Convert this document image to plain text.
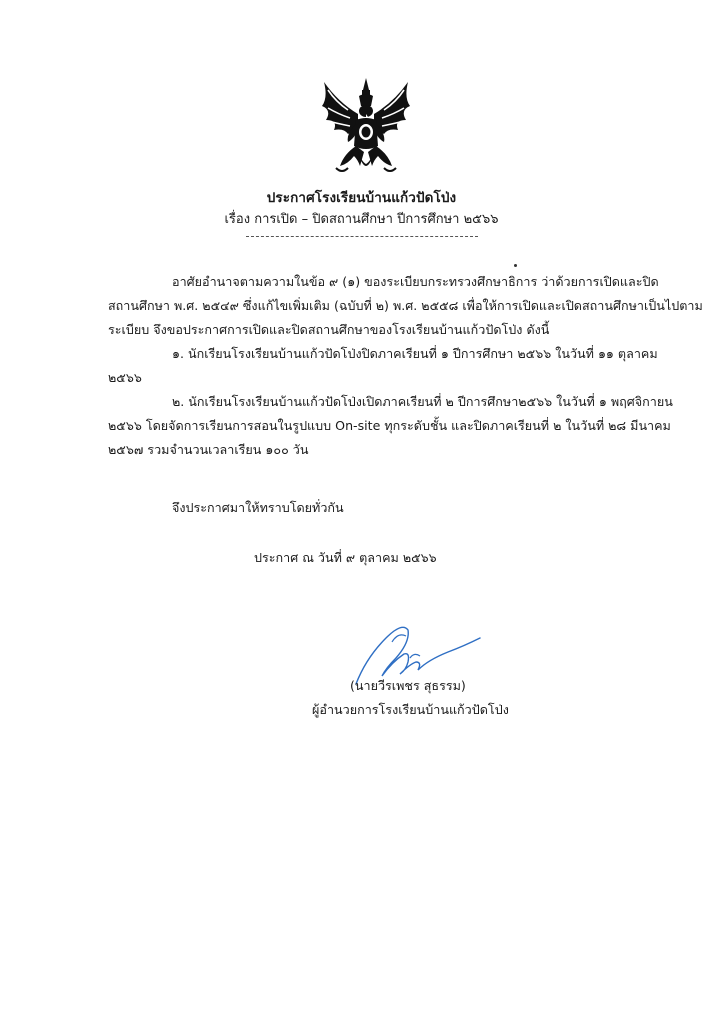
ประกาศโรงเรียนบ้านแก้วปัดโป่ง
เรื่อง การเปิด – ปิดสถานศึกษา ปีการศึกษา ๒๕๖๖
อาศัยอำนาจตามความในข้อ ๙ (๑) ของระเบียบกระทรวงศึกษาธิการ ว่าด้วยการเปิดและปิด
สถานศึกษา พ.ศ. ๒๕๔๙ ซึ่งแก้ไขเพิ่มเติม (ฉบับที่ ๒) พ.ศ. ๒๕๕๘ เพื่อให้การเปิดและเปิดสถานศึกษาเป็นไปตาม
ระเบียบ จึงขอประกาศการเปิดและปิดสถานศึกษาของโรงเรียนบ้านแก้วปัดโป่ง ดังนี้
๑. นักเรียนโรงเรียนบ้านแก้วปัดโป่งปิดภาคเรียนที่ ๑ ปีการศึกษา ๒๕๖๖ ในวันที่ ๑๑ ตุลาคม
๒๕๖๖
๒. นักเรียนโรงเรียนบ้านแก้วปัดโป่งเปิดภาคเรียนที่ ๒ ปีการศึกษา๒๕๖๖ ในวันที่ ๑ พฤศจิกายน
๒๕๖๖ โดยจัดการเรียนการสอนในรูปแบบ On-site ทุกระดับชั้น และปิดภาคเรียนที่ ๒ ในวันที่ ๒๘ มีนาคม
๒๕๖๗ รวมจำนวนเวลาเรียน ๑๐๐ วัน
จึงประกาศมาให้ทราบโดยทั่วกัน
ประกาศ ณ วันที่ ๙ ตุลาคม ๒๕๖๖
(นายวีรเพชร สุธรรม)
ผู้อำนวยการโรงเรียนบ้านแก้วปัดโป่ง
